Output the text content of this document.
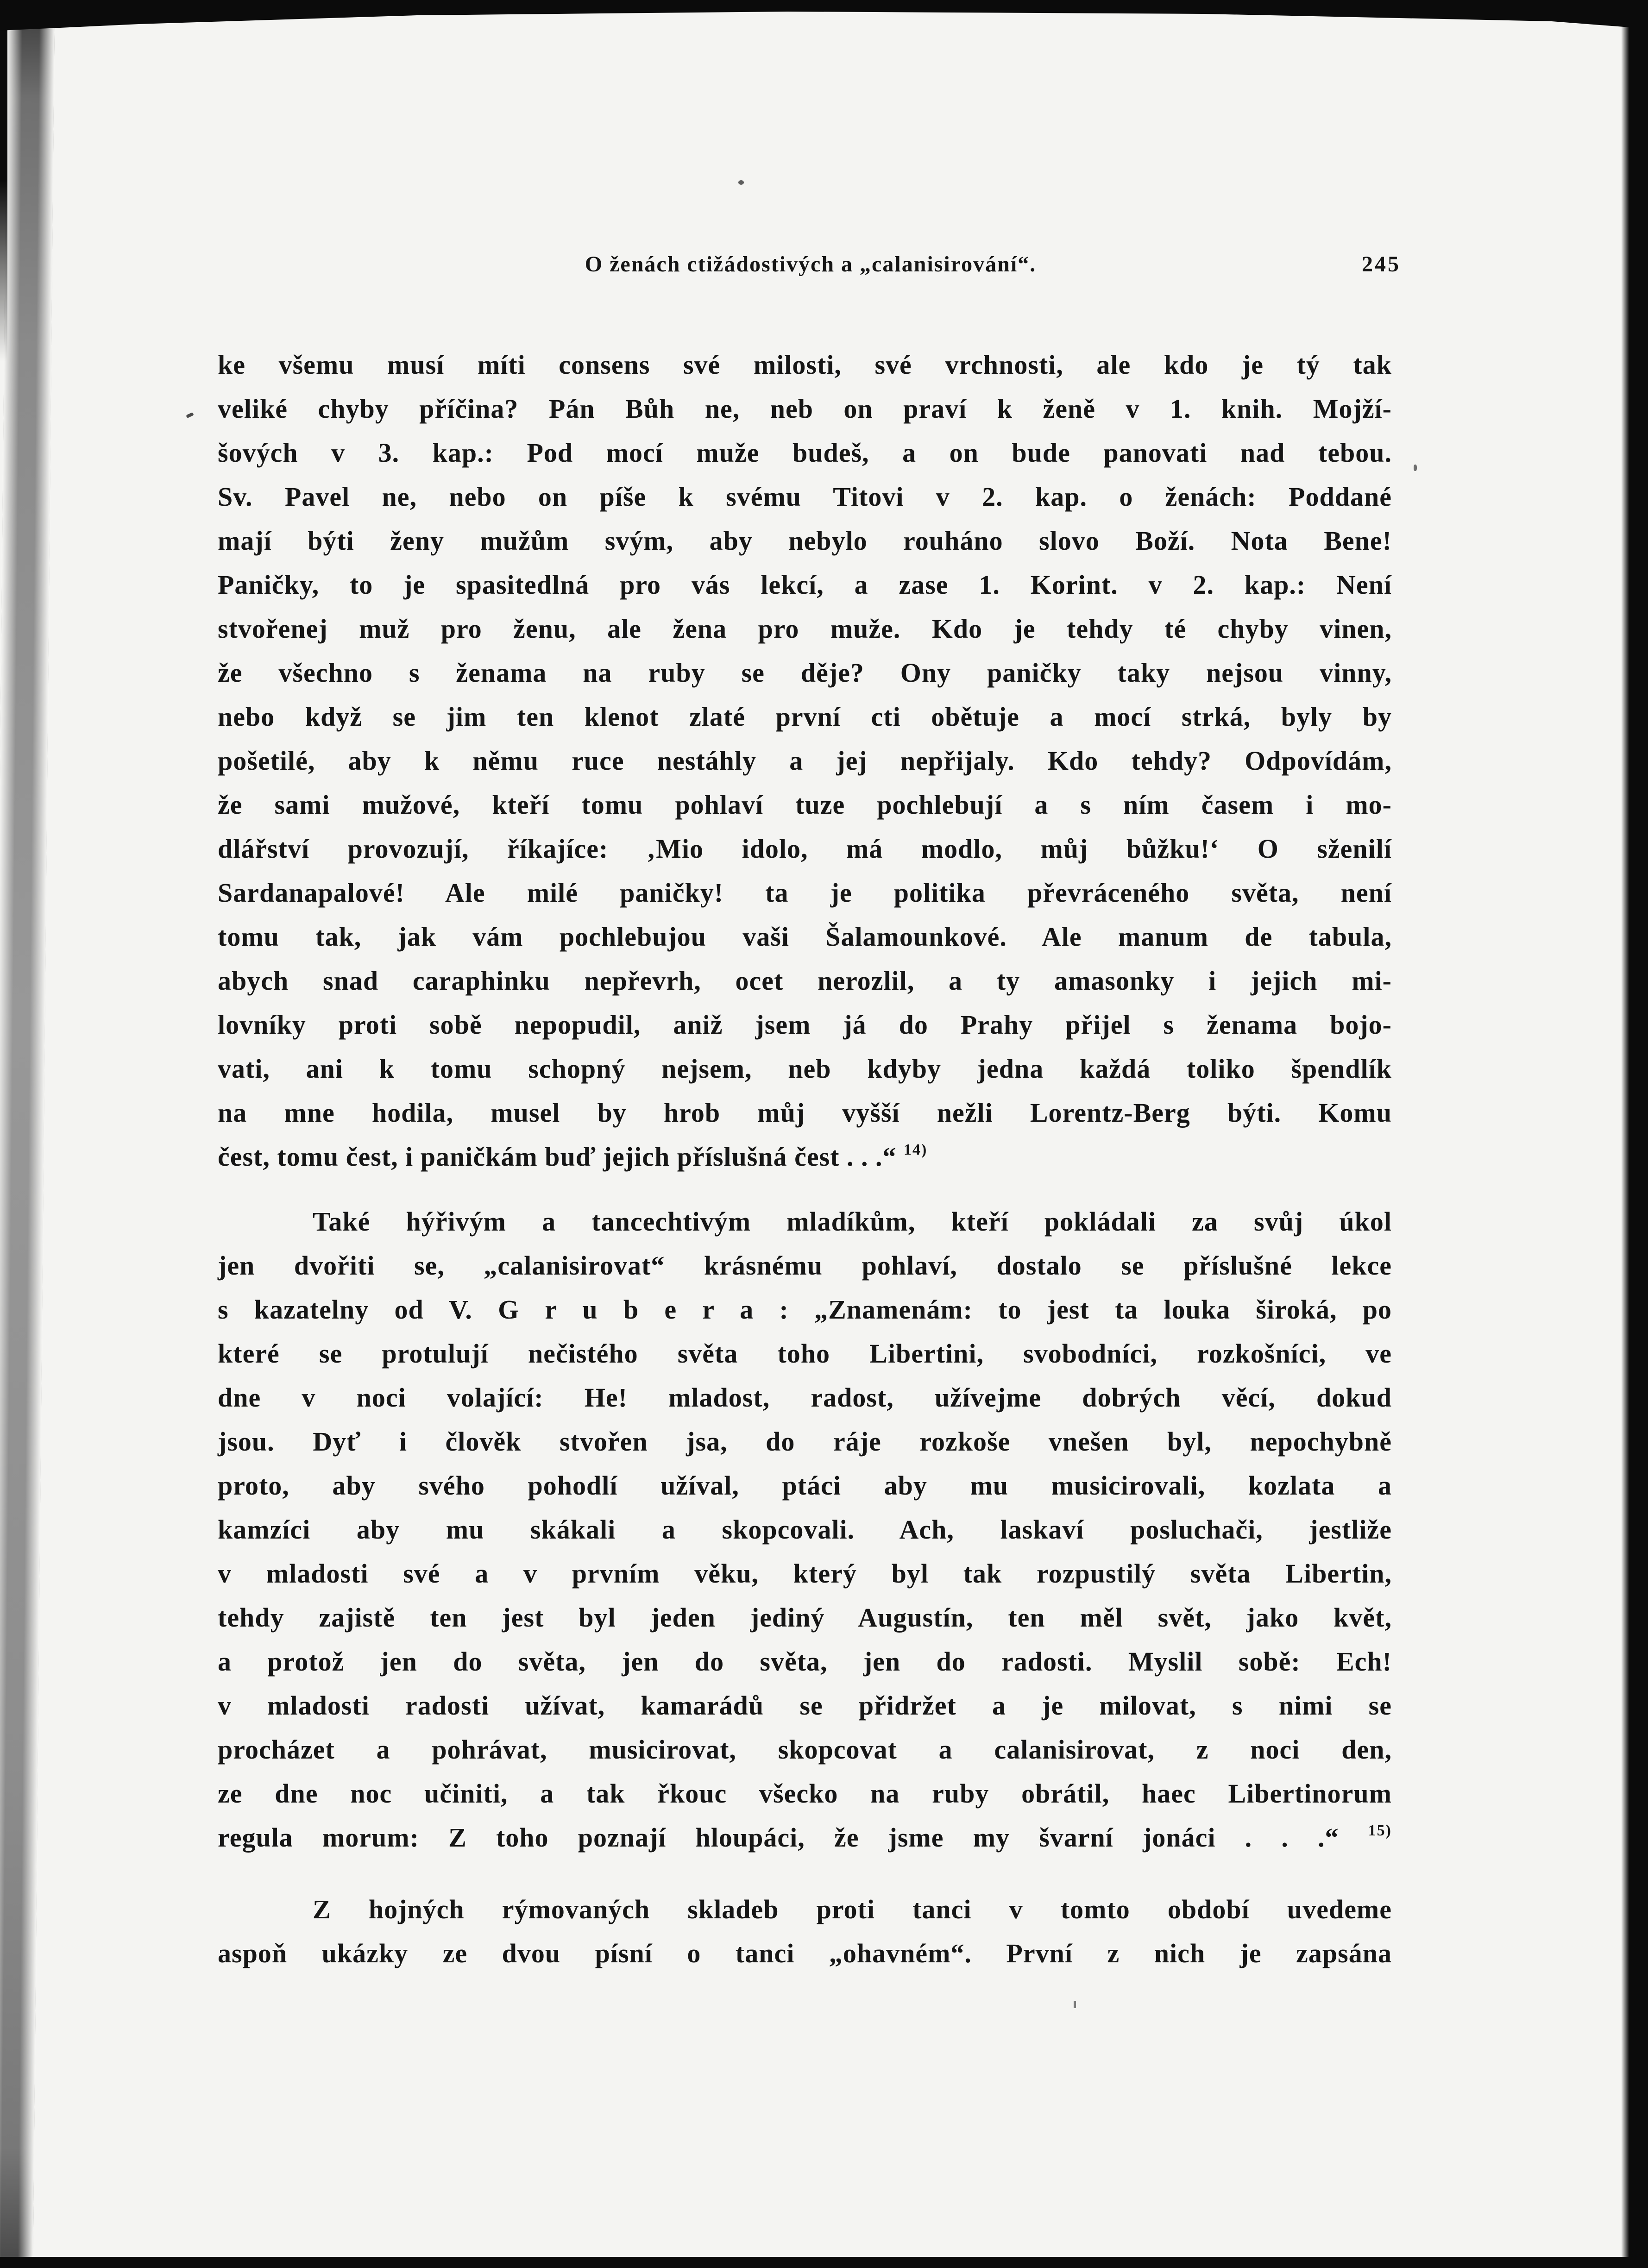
O ženách ctižádostivých a „calanisirování“.	245
ke všemu musí míti consens své milosti, své vrchnosti, ale kdo je tý tak
veliké chyby příčina? Pán Bůh ne, neb on praví k ženě v 1. knih. Mojží-
šových v 3. kap.: Pod mocí muže budeš, a on bude panovati nad tebou.
Sv. Pavel ne, nebo on píše k svému Titovi v 2. kap. o ženách: Poddané
mají býti ženy mužům svým, aby nebylo rouháno slovo Boží. Nota Bene!
Paničky, to je spasitedlná pro vás lekcí, a zase 1. Korint. v 2. kap.: Není
stvořenej muž pro ženu, ale žena pro muže. Kdo je tehdy té chyby vinen,
že všechno s ženama na ruby se děje? Ony paničky taky nejsou vinny,
nebo když se jim ten klenot zlaté první cti obětuje a mocí strká, byly by
pošetilé, aby k němu ruce nestáhly a jej nepřijaly. Kdo tehdy? Odpovídám,
že sami mužové, kteří tomu pohlaví tuze pochlebují a s ním časem i mo-
dlářství provozují, říkajíce: ‚Mio idolo, má modlo, můj bůžku!‘ O sženilí
Sardanapalové! Ale milé paničky! ta je politika převráceného světa, není
tomu tak, jak vám pochlebujou vaši Šalamounkové. Ale manum de tabula,
abych snad caraphinku nepřevrh, ocet nerozlil, a ty amasonky i jejich mi-
lovníky proti sobě nepopudil, aniž jsem já do Prahy přijel s ženama bojo-
vati, ani k tomu schopný nejsem, neb kdyby jedna každá toliko špendlík
na mne hodila, musel by hrob můj vyšší nežli Lorentz-Berg býti. Komu
čest, tomu čest, i paničkám buď jejich příslušná čest . . .“ $^{14)}$
Také hýřivým a tancechtivým mladíkům, kteří pokládali za svůj úkol
jen dvořiti se, „calanisirovat“ krásnému pohlaví, dostalo se příslušné lekce
s kazatelny od V. G r u b e r a : „Znamenám: to jest ta louka široká, po
které se protulují nečistého světa toho Libertini, svobodníci, rozkošníci, ve
dne v noci volající: He! mladost, radost, užívejme dobrých věcí, dokud
jsou. Dyť i člověk stvořen jsa, do ráje rozkoše vnešen byl, nepochybně
proto, aby svého pohodlí užíval, ptáci aby mu musicirovali, kozlata a
kamzíci aby mu skákali a skopcovali. Ach, laskaví posluchači, jestliže
v mladosti své a v prvním věku, který byl tak rozpustilý světa Libertin,
tehdy zajistě ten jest byl jeden jediný Augustín, ten měl svět, jako květ,
a protož jen do světa, jen do světa, jen do radosti. Myslil sobě: Ech!
v mladosti radosti užívat, kamarádů se přidržet a je milovat, s nimi se
procházet a pohrávat, musicirovat, skopcovat a calanisirovat, z noci den,
ze dne noc učiniti, a tak řkouc všecko na ruby obrátil, haec Libertinorum
regula morum: Z toho poznají hloupáci, že jsme my švarní jonáci . . .“ $^{15)}$
Z hojných rýmovaných skladeb proti tanci v tomto období uvedeme
aspoň ukázky ze dvou písní o tanci „ohavném“. První z nich je zapsána
